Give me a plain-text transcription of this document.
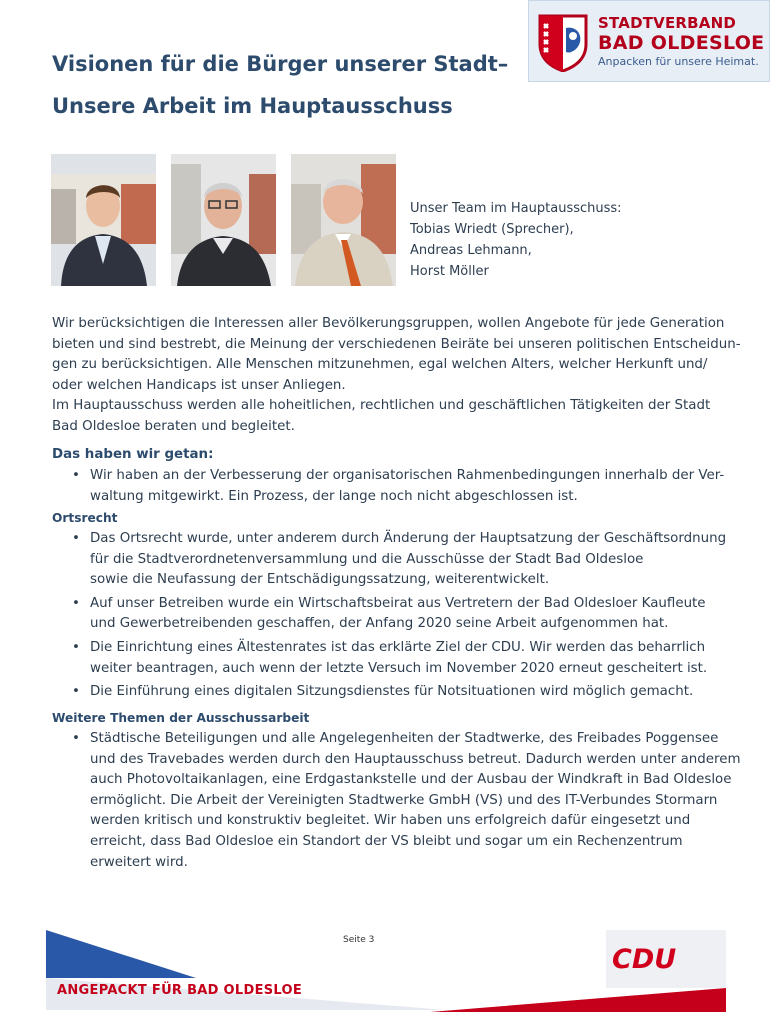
STADTVERBAND
BAD OLDESLOE
Anpacken für unsere Heimat.
Visionen für die Bürger unserer Stadt–
Unsere Arbeit im Hauptausschuss
Unser Team im Hauptausschuss:
Tobias Wriedt (Sprecher),
Andreas Lehmann,
Horst Möller

Wir berücksichtigen die Interessen aller Bevölkerungsgruppen, wollen Angebote für jede Generation

bieten und sind bestrebt, die Meinung der verschiedenen Beiräte bei unseren politischen Entscheidun-

gen zu berücksichtigen. Alle Menschen mitzunehmen, egal welchen Alters, welcher Herkunft und/

oder welchen Handicaps ist unser Anliegen.

Im Hauptausschuss werden alle hoheitlichen, rechtlichen und geschäftlichen Tätigkeiten der Stadt

Bad Oldesloe beraten und begleitet.

Das haben wir getan:
• Wir haben an der Verbesserung der organisatorischen Rahmenbedingungen innerhalb der Ver-

waltung mitgewirkt. Ein Prozess, der lange noch nicht abgeschlossen ist.

Ortsrecht
• Das Ortsrecht wurde, unter anderem durch Änderung der Hauptsatzung der Geschäftsordnung

für die Stadtverordnetenversammlung und die Ausschüsse der Stadt Bad Oldesloe

sowie die Neufassung der Entschädigungssatzung, weiterentwickelt.

• Auf unser Betreiben wurde ein Wirtschaftsbeirat aus Vertretern der Bad Oldesloer Kaufleute

und Gewerbetreibenden geschaffen, der Anfang 2020 seine Arbeit aufgenommen hat.

• Die Einrichtung eines Ältestenrates ist das erklärte Ziel der CDU. Wir werden das beharrlich

weiter beantragen, auch wenn der letzte Versuch im November 2020 erneut gescheitert ist.

• Die Einführung eines digitalen Sitzungsdienstes für Notsituationen wird möglich gemacht.

Weitere Themen der Ausschussarbeit
• Städtische Beteiligungen und alle Angelegenheiten der Stadtwerke, des Freibades Poggensee

und des Travebades werden durch den Hauptausschuss betreut. Dadurch werden unter anderem

auch Photovoltaikanlagen, eine Erdgastankstelle und der Ausbau der Windkraft in Bad Oldesloe

ermöglicht. Die Arbeit der Vereinigten Stadtwerke GmbH (VS) und des IT-Verbundes Stormarn

werden kritisch und konstruktiv begleitet. Wir haben uns erfolgreich dafür eingesetzt und

erreicht, dass Bad Oldesloe ein Standort der VS bleibt und sogar um ein Rechenzentrum

erweitert wird.

Seite 3
CDU
ANGEPACKT FÜR BAD OLDESLOE
